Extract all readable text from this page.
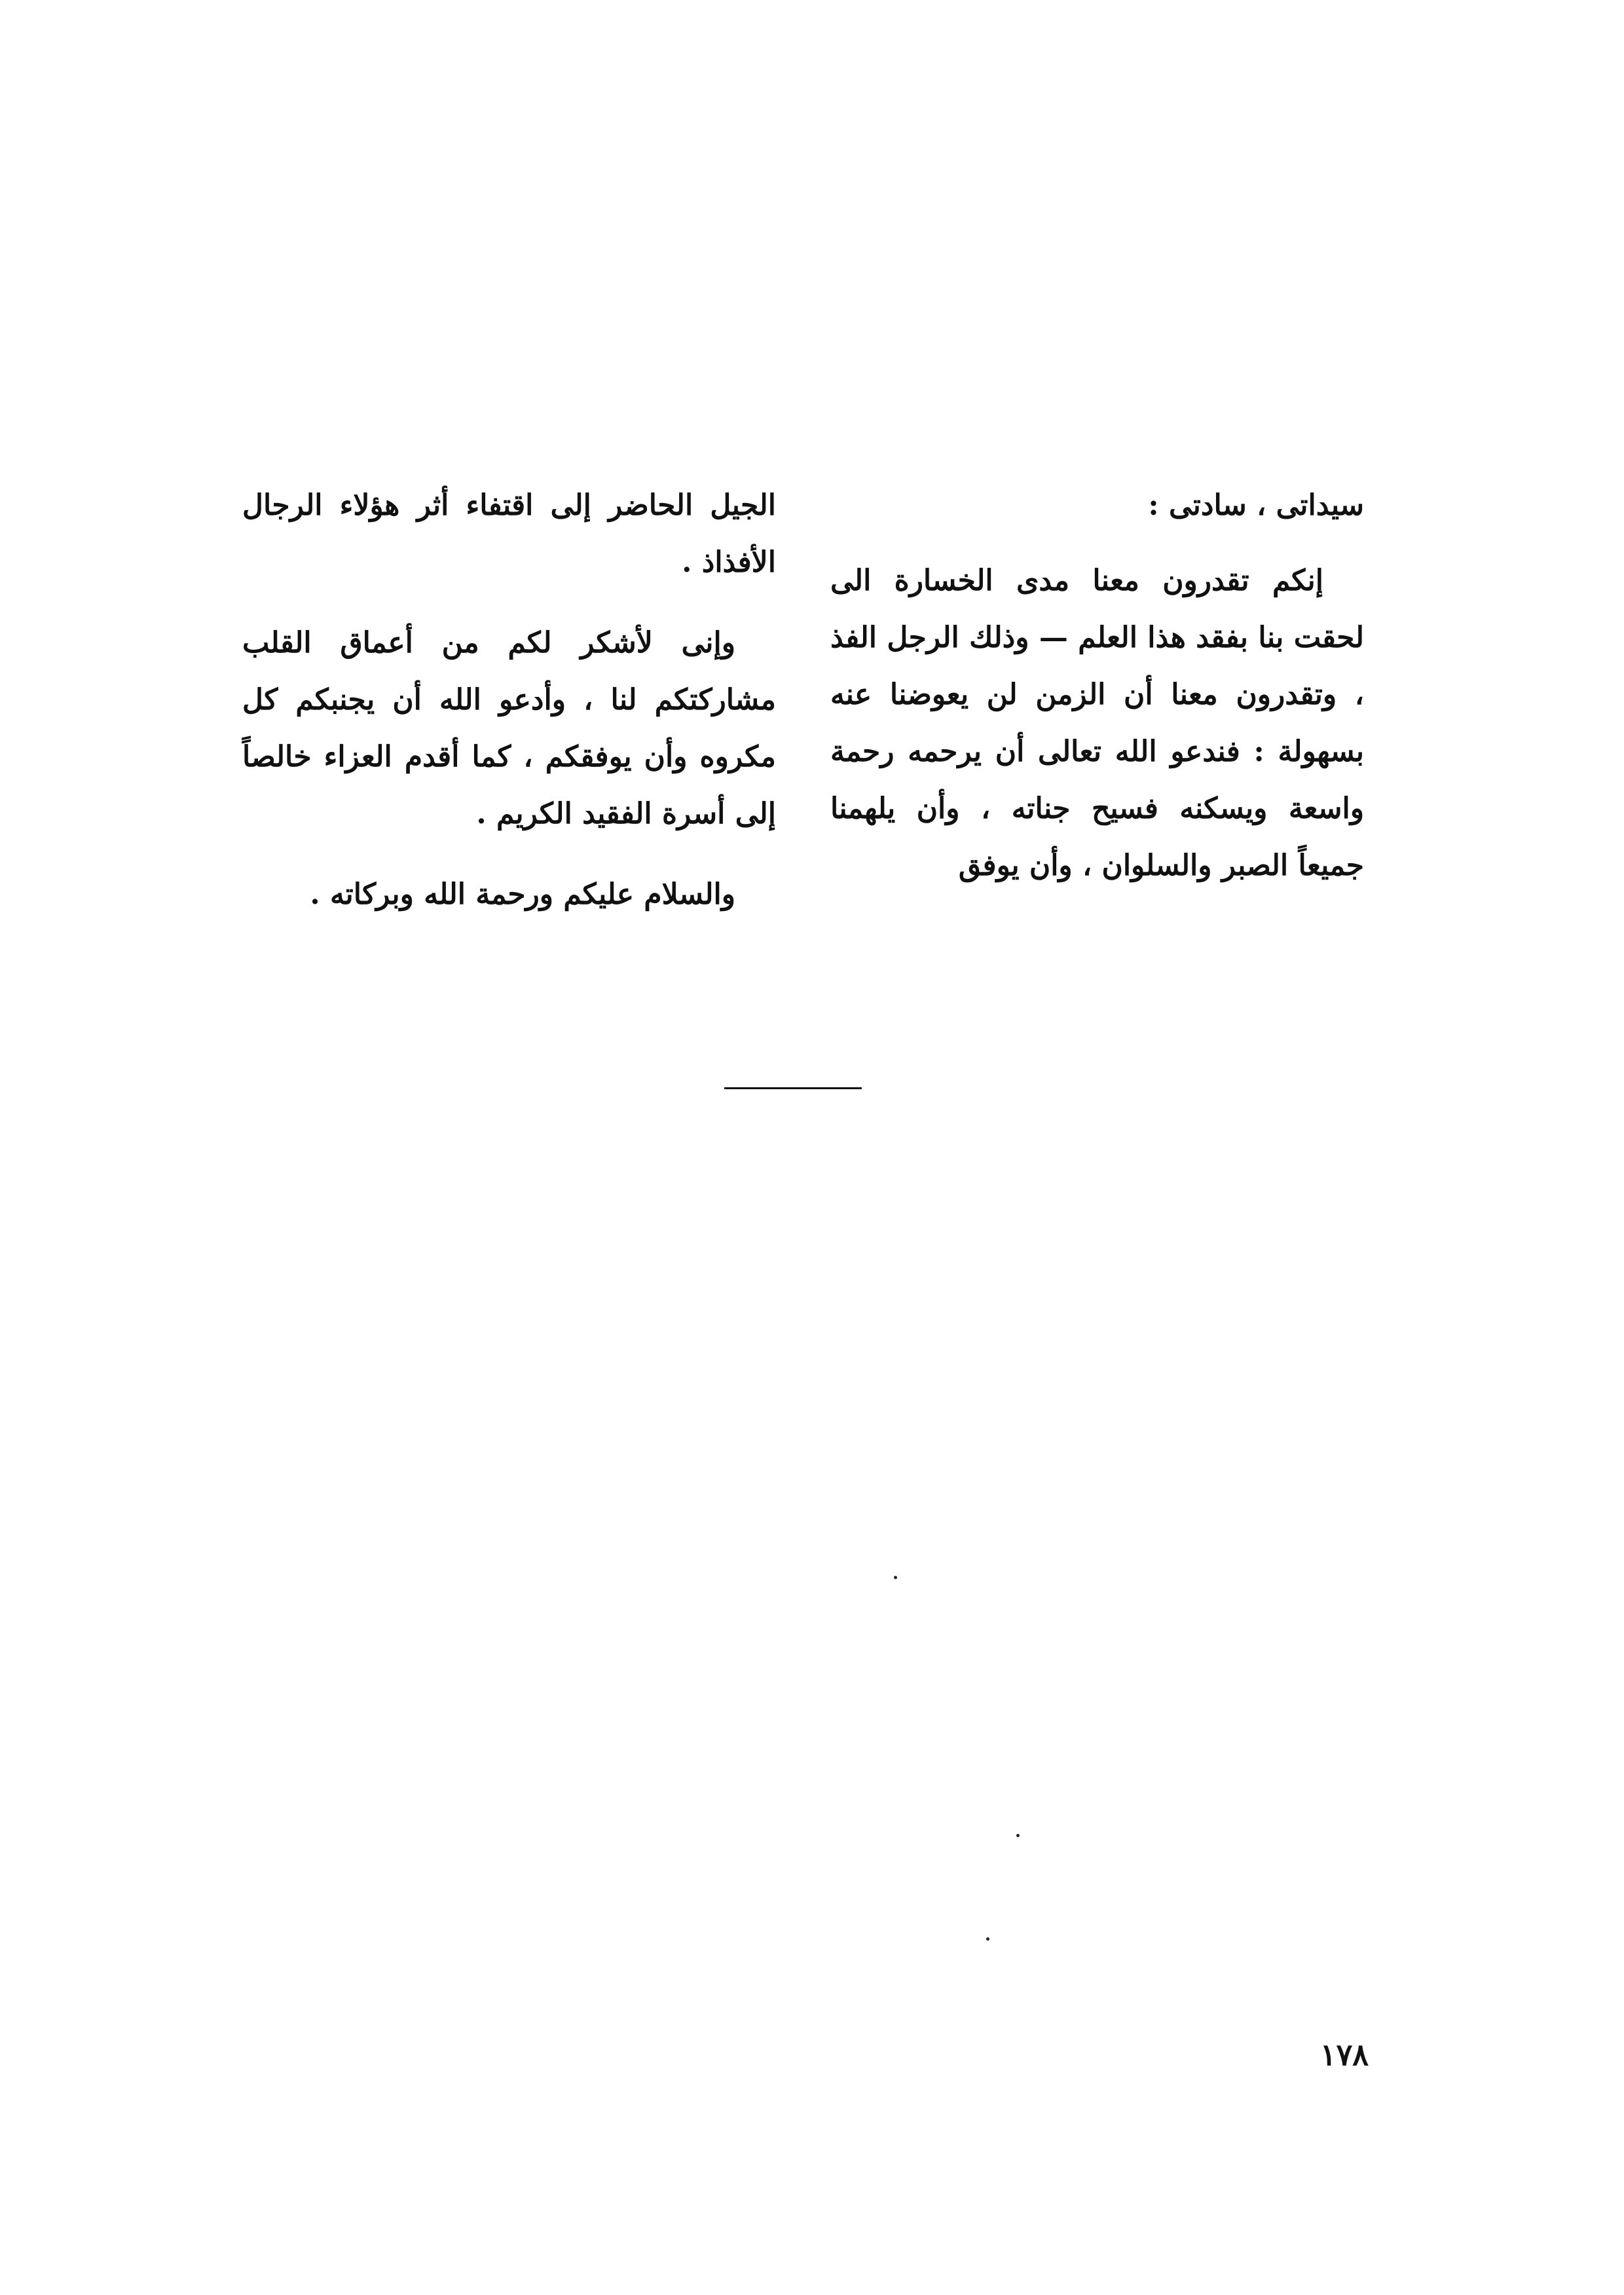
سيداتى ، سادتى :

إنكم تقدرون معنا مدى الخسارة الى لحقت بنا بفقد هذا العلم — وذلك الرجل الفذ ، وتقدرون معنا أن الزمن لن يعوضنا عنه بسهولة : فندعو الله تعالى أن يرحمه رحمة واسعة ويسكنه فسيح جناته ، وأن يلهمنا جميعاً الصبر والسلوان ، وأن يوفق

الجيل الحاضر إلى اقتفاء أثر هؤلاء الرجال الأفذاذ .

وإنى لأشكر لكم من أعماق القلب مشاركتكم لنا ، وأدعو الله أن يجنبكم كل مكروه وأن يوفقكم ، كما أقدم العزاء خالصاً إلى أسرة الفقيد الكريم .

والسلام عليكم ورحمة الله وبركاته .

١٧٨
